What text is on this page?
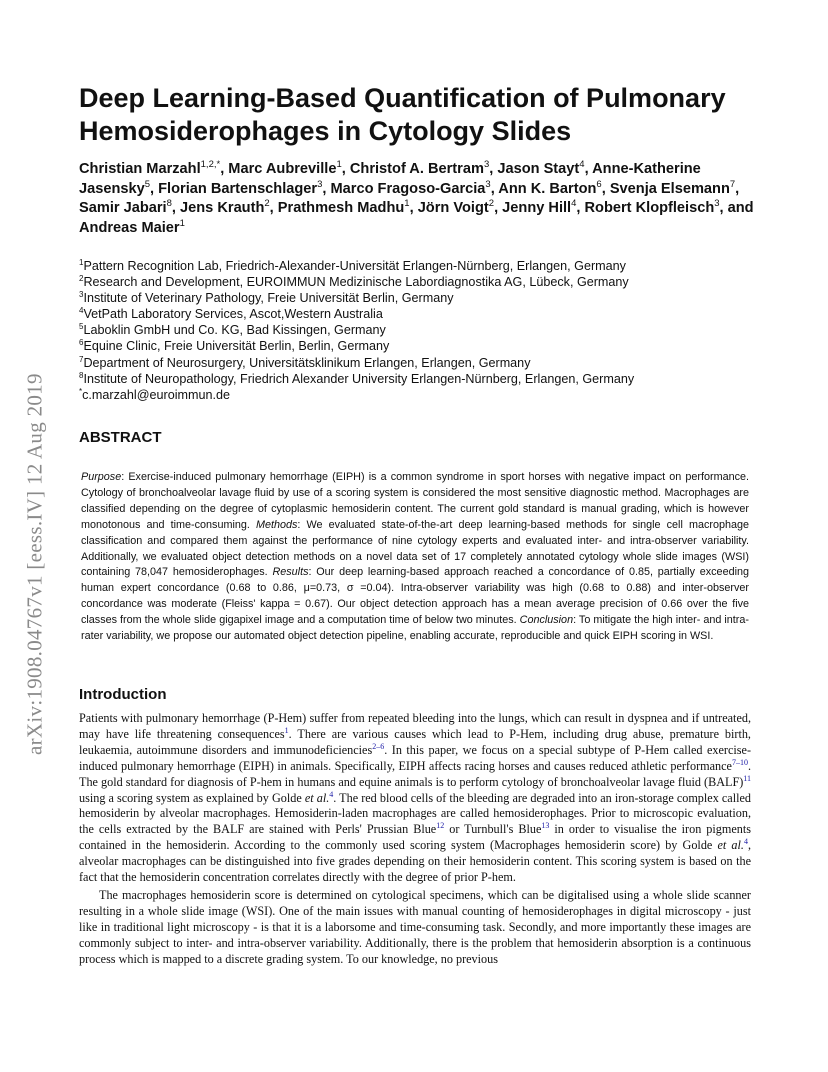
arXiv:1908.04767v1 [eess.IV] 12 Aug 2019
Deep Learning-Based Quantification of Pulmonary Hemosiderophages in Cytology Slides
Christian Marzahl$^{1,2,*}$, Marc Aubreville$^1$, Christof A. Bertram$^3$, Jason Stayt$^4$, Anne-Katherine Jasensky$^5$, Florian Bartenschlager$^3$, Marco Fragoso-Garcia$^3$, Ann K. Barton$^6$, Svenja Elsemann$^7$, Samir Jabari$^8$, Jens Krauth$^2$, Prathmesh Madhu$^1$, Jörn Voigt$^2$, Jenny Hill$^4$, Robert Klopfleisch$^3$, and Andreas Maier$^1$
$^1$Pattern Recognition Lab, Friedrich-Alexander-Universität Erlangen-Nürnberg, Erlangen, Germany
$^2$Research and Development, EUROIMMUN Medizinische Labordiagnostika AG, Lübeck, Germany
$^3$Institute of Veterinary Pathology, Freie Universität Berlin, Germany
$^4$VetPath Laboratory Services, Ascot,Western Australia
$^5$Laboklin GmbH und Co. KG, Bad Kissingen, Germany
$^6$Equine Clinic, Freie Universität Berlin, Berlin, Germany
$^7$Department of Neurosurgery, Universitätsklinikum Erlangen, Erlangen, Germany
$^8$Institute of Neuropathology, Friedrich Alexander University Erlangen-Nürnberg, Erlangen, Germany
*c.marzahl@euroimmun.de
ABSTRACT
Purpose: Exercise-induced pulmonary hemorrhage (EIPH) is a common syndrome in sport horses with negative impact on performance. Cytology of bronchoalveolar lavage fluid by use of a scoring system is considered the most sensitive diagnostic method. Macrophages are classified depending on the degree of cytoplasmic hemosiderin content. The current gold standard is manual grading, which is however monotonous and time-consuming. Methods: We evaluated state-of-the-art deep learning-based methods for single cell macrophage classification and compared them against the performance of nine cytology experts and evaluated inter- and intra-observer variability. Additionally, we evaluated object detection methods on a novel data set of 17 completely annotated cytology whole slide images (WSI) containing 78,047 hemosiderophages. Results: Our deep learning-based approach reached a concordance of 0.85, partially exceeding human expert concordance (0.68 to 0.86, μ=0.73, σ =0.04). Intra-observer variability was high (0.68 to 0.88) and inter-observer concordance was moderate (Fleiss' kappa = 0.67). Our object detection approach has a mean average precision of 0.66 over the five classes from the whole slide gigapixel image and a computation time of below two minutes. Conclusion: To mitigate the high inter- and intra-rater variability, we propose our automated object detection pipeline, enabling accurate, reproducible and quick EIPH scoring in WSI.
Introduction

Patients with pulmonary hemorrhage (P-Hem) suffer from repeated bleeding into the lungs, which can result in dyspnea and if untreated, may have life threatening consequences$^1$. There are various causes which lead to P-Hem, including drug abuse, premature birth, leukaemia, autoimmune disorders and immunodeficiencies$^{2-6}$. In this paper, we focus on a special subtype of P-Hem called exercise-induced pulmonary hemorrhage (EIPH) in animals. Specifically, EIPH affects racing horses and causes reduced athletic performance$^{7-10}$. The gold standard for diagnosis of P-hem in humans and equine animals is to perform cytology of bronchoalveolar lavage fluid (BALF)$^{11}$ using a scoring system as explained by Golde et al.$^4$. The red blood cells of the bleeding are degraded into an iron-storage complex called hemosiderin by alveolar macrophages. Hemosiderin-laden macrophages are called hemosiderophages. Prior to microscopic evaluation, the cells extracted by the BALF are stained with Perls' Prussian Blue$^{12}$ or Turnbull's Blue$^{13}$ in order to visualise the iron pigments contained in the hemosiderin. According to the commonly used scoring system (Macrophages hemosiderin score) by Golde et al.$^4$, alveolar macrophages can be distinguished into five grades depending on their hemosiderin content. This scoring system is based on the fact that the hemosiderin concentration correlates directly with the degree of prior P-hem.

The macrophages hemosiderin score is determined on cytological specimens, which can be digitalised using a whole slide scanner resulting in a whole slide image (WSI). One of the main issues with manual counting of hemosiderophages in digital microscopy - just like in traditional light microscopy - is that it is a laborsome and time-consuming task. Secondly, and more importantly these images are commonly subject to inter- and intra-observer variability. Additionally, there is the problem that hemosiderin absorption is a continuous process which is mapped to a discrete grading system. To our knowledge, no previous
